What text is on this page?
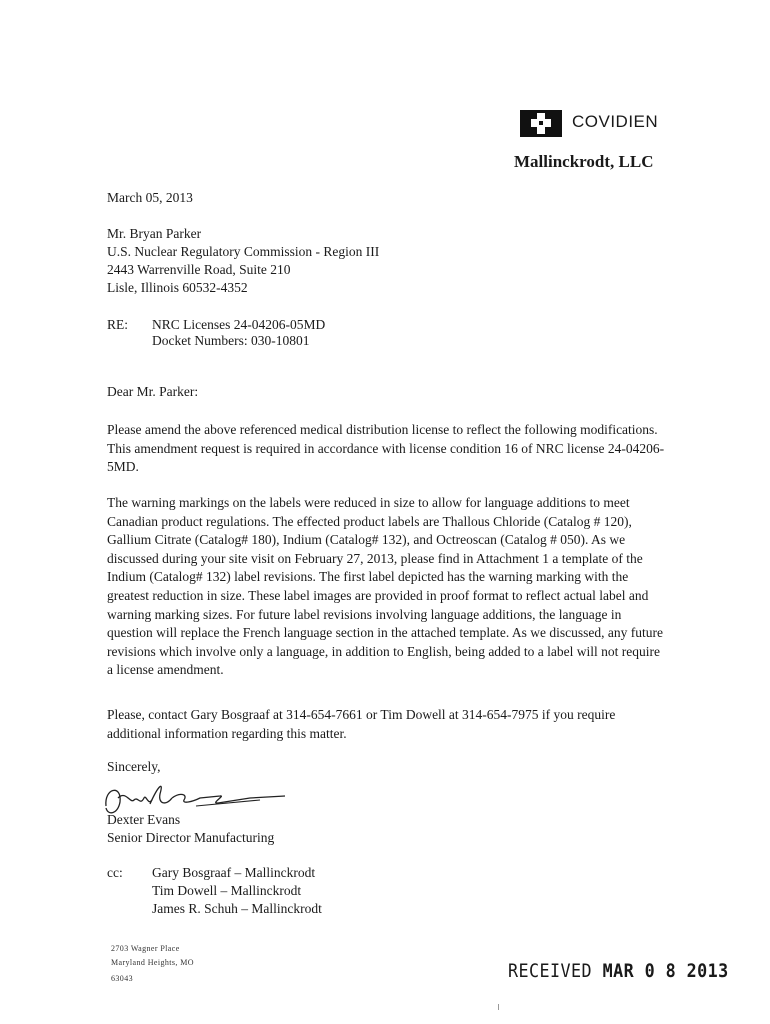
COVIDIEN
Mallinckrodt, LLC
March 05, 2013
Mr. Bryan Parker
U.S. Nuclear Regulatory Commission - Region III
2443 Warrenville Road, Suite 210
Lisle, Illinois 60532-4352
RE: NRC Licenses 24-04206-05MD
Docket Numbers: 030-10801
Dear Mr. Parker:
Please amend the above referenced medical distribution license to reflect the following modifications. This amendment request is required in accordance with license condition 16 of NRC license 24-04206-5MD.
The warning markings on the labels were reduced in size to allow for language additions to meet Canadian product regulations. The effected product labels are Thallous Chloride (Catalog # 120), Gallium Citrate (Catalog# 180), Indium (Catalog# 132), and Octreoscan (Catalog # 050). As we discussed during your site visit on February 27, 2013, please find in Attachment 1 a template of the Indium (Catalog# 132) label revisions. The first label depicted has the warning marking with the greatest reduction in size. These label images are provided in proof format to reflect actual label and warning marking sizes. For future label revisions involving language additions, the language in question will replace the French language section in the attached template. As we discussed, any future revisions which involve only a language, in addition to English, being added to a label will not require a license amendment.
Please, contact Gary Bosgraaf at 314-654-7661 or Tim Dowell at 314-654-7975 if you require additional information regarding this matter.
Sincerely,
Dexter Evans
Senior Director Manufacturing
cc: Gary Bosgraaf – Mallinckrodt
Tim Dowell – Mallinckrodt
James R. Schuh – Mallinckrodt
2703 Wagner Place
Maryland Heights, MO
63043	RECEIVED MAR 0 8 2013
